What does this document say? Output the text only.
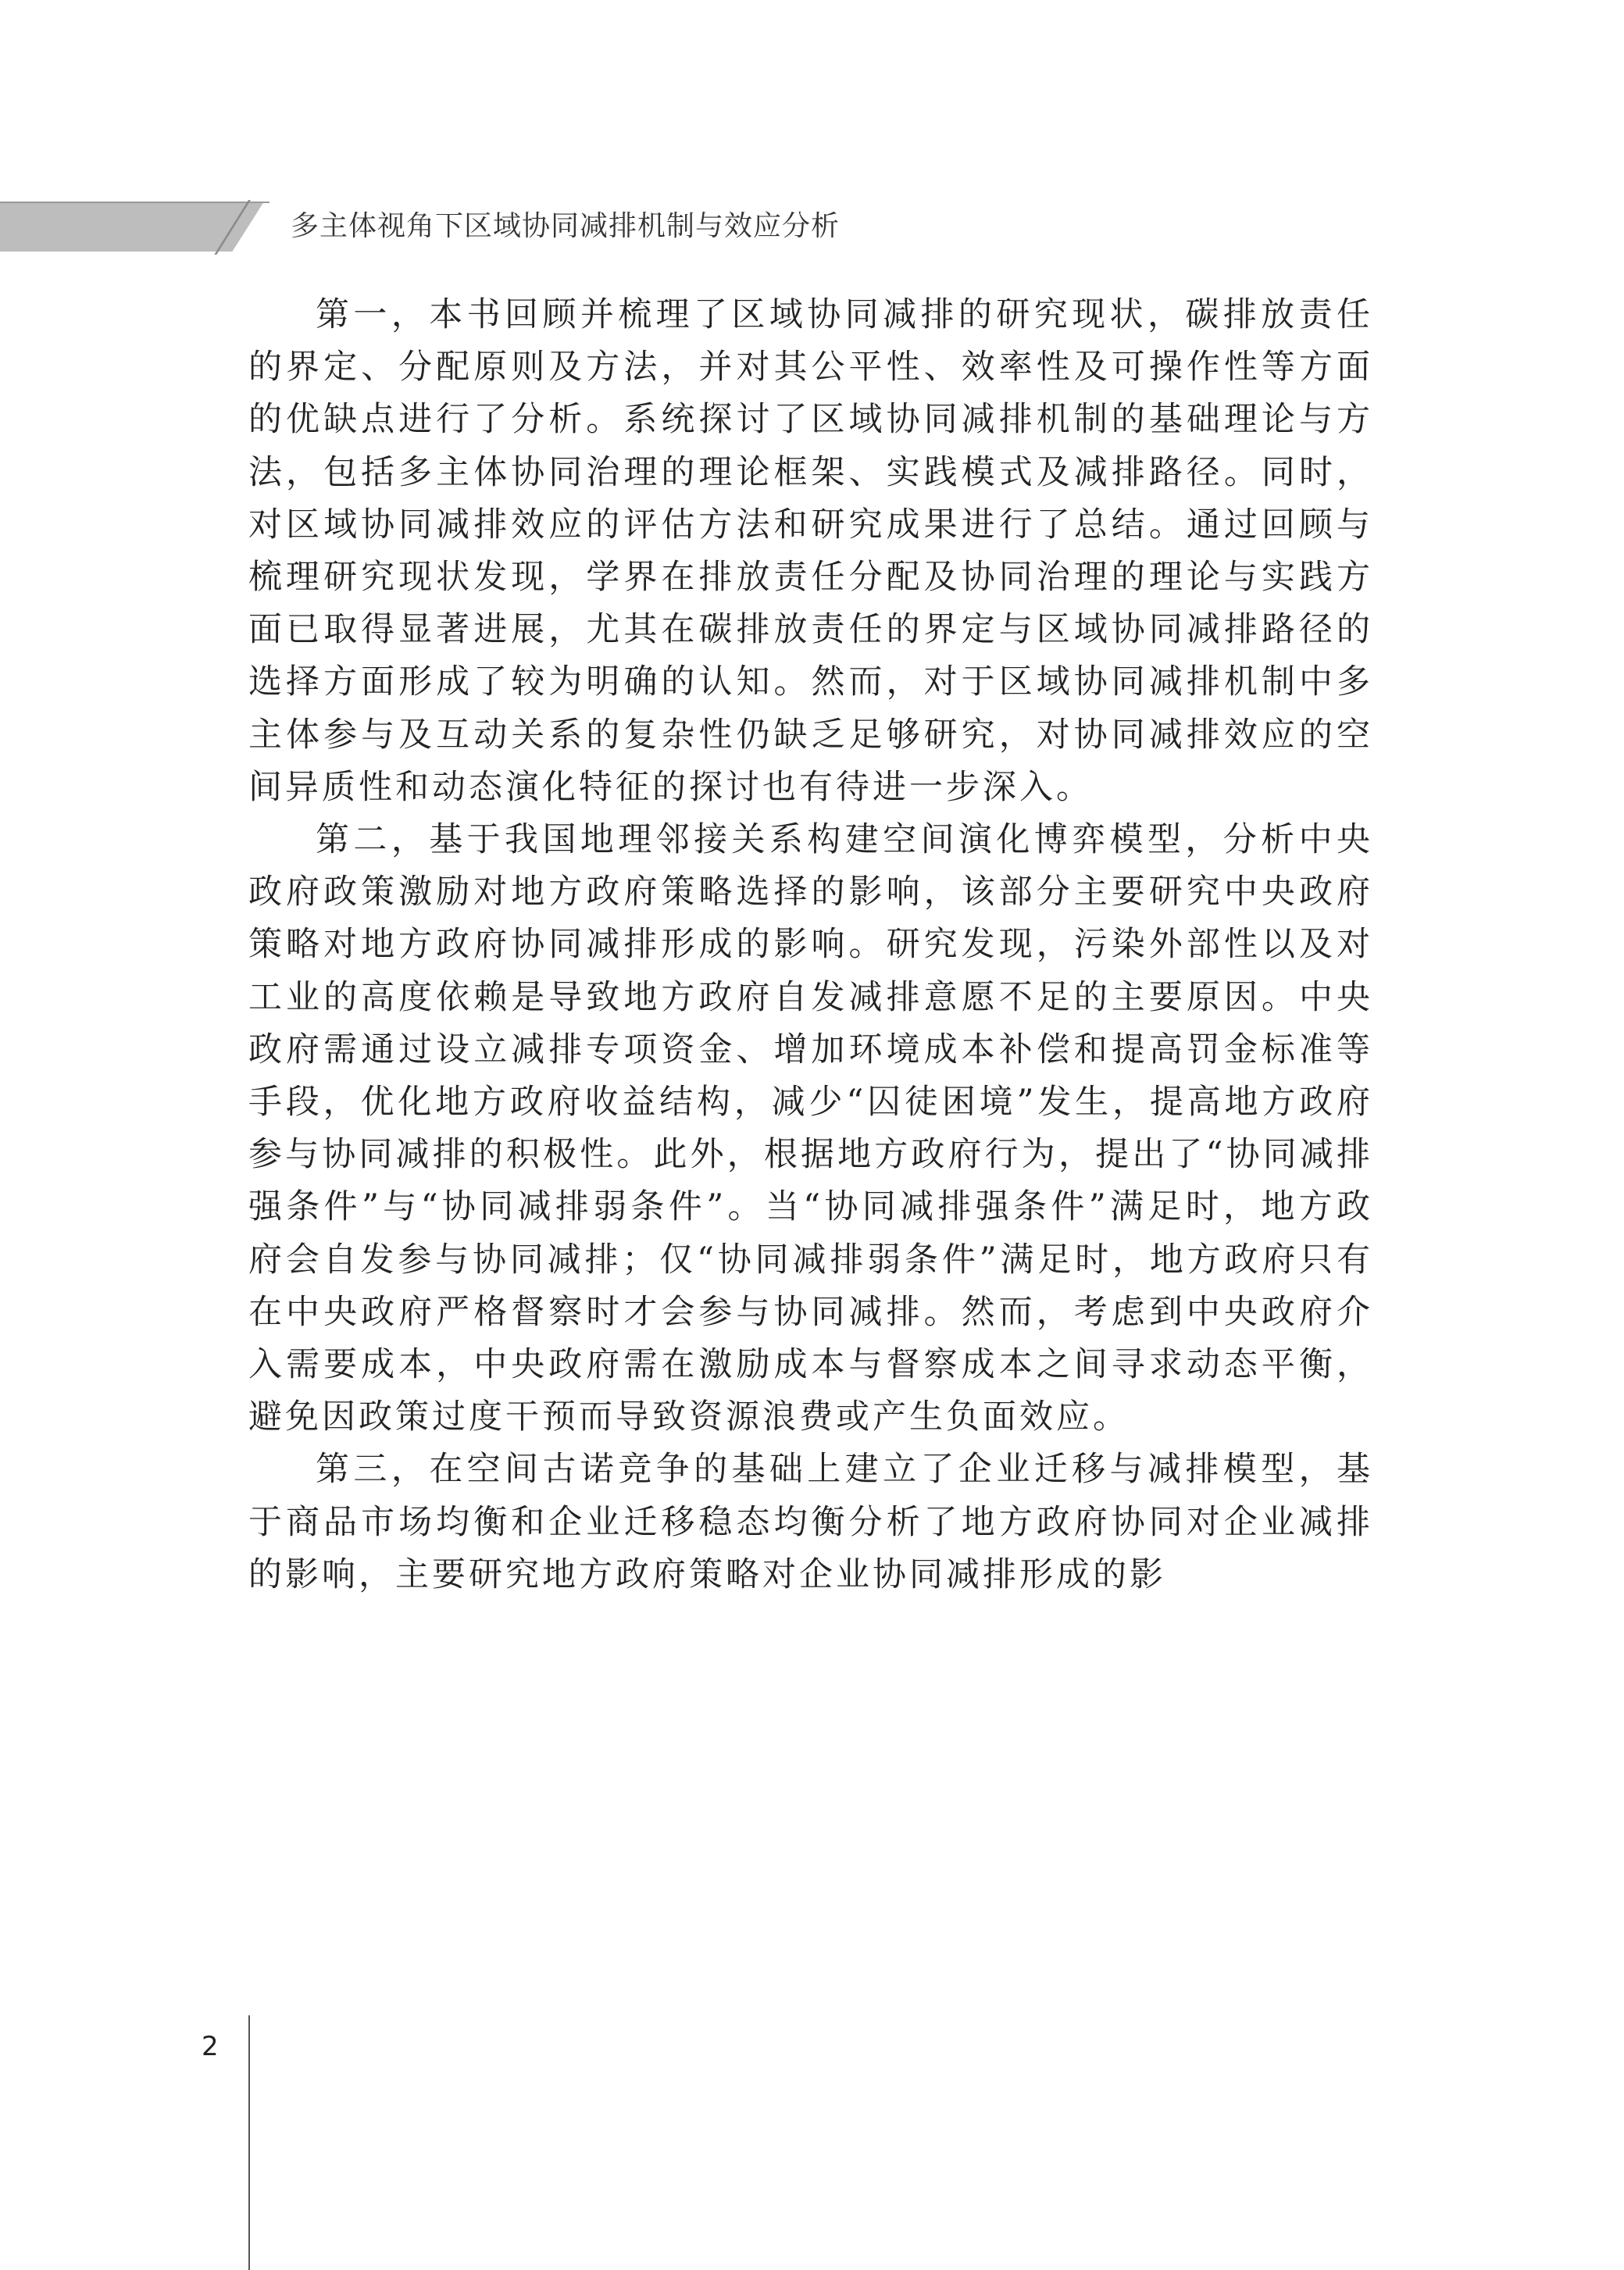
多主体视角下区域协同减排机制与效应分析

第一，本书回顾并梳理了区域协同减排的研究现状，碳排放责任的界定、分配原则及方法，并对其公平性、效率性及可操作性等方面的优缺点进行了分析。系统探讨了区域协同减排机制的基础理论与方法，包括多主体协同治理的理论框架、实践模式及减排路径。同时，对区域协同减排效应的评估方法和研究成果进行了总结。通过回顾与梳理研究现状发现，学界在排放责任分配及协同治理的理论与实践方面已取得显著进展，尤其在碳排放责任的界定与区域协同减排路径的选择方面形成了较为明确的认知。然而，对于区域协同减排机制中多主体参与及互动关系的复杂性仍缺乏足够研究，对协同减排效应的空间异质性和动态演化特征的探讨也有待进一步深入。

第二，基于我国地理邻接关系构建空间演化博弈模型，分析中央政府政策激励对地方政府策略选择的影响，该部分主要研究中央政府策略对地方政府协同减排形成的影响。研究发现，污染外部性以及对工业的高度依赖是导致地方政府自发减排意愿不足的主要原因。中央政府需通过设立减排专项资金、增加环境成本补偿和提高罚金标准等手段，优化地方政府收益结构，减少“囚徒困境”发生，提高地方政府参与协同减排的积极性。此外，根据地方政府行为，提出了“协同减排强条件”与“协同减排弱条件”。当“协同减排强条件”满足时，地方政府会自发参与协同减排；仅“协同减排弱条件”满足时，地方政府只有在中央政府严格督察时才会参与协同减排。然而，考虑到中央政府介入需要成本，中央政府需在激励成本与督察成本之间寻求动态平衡，避免因政策过度干预而导致资源浪费或产生负面效应。

第三，在空间古诺竞争的基础上建立了企业迁移与减排模型，基于商品市场均衡和企业迁移稳态均衡分析了地方政府协同对企业减排的影响，主要研究地方政府策略对企业协同减排形成的影

2
